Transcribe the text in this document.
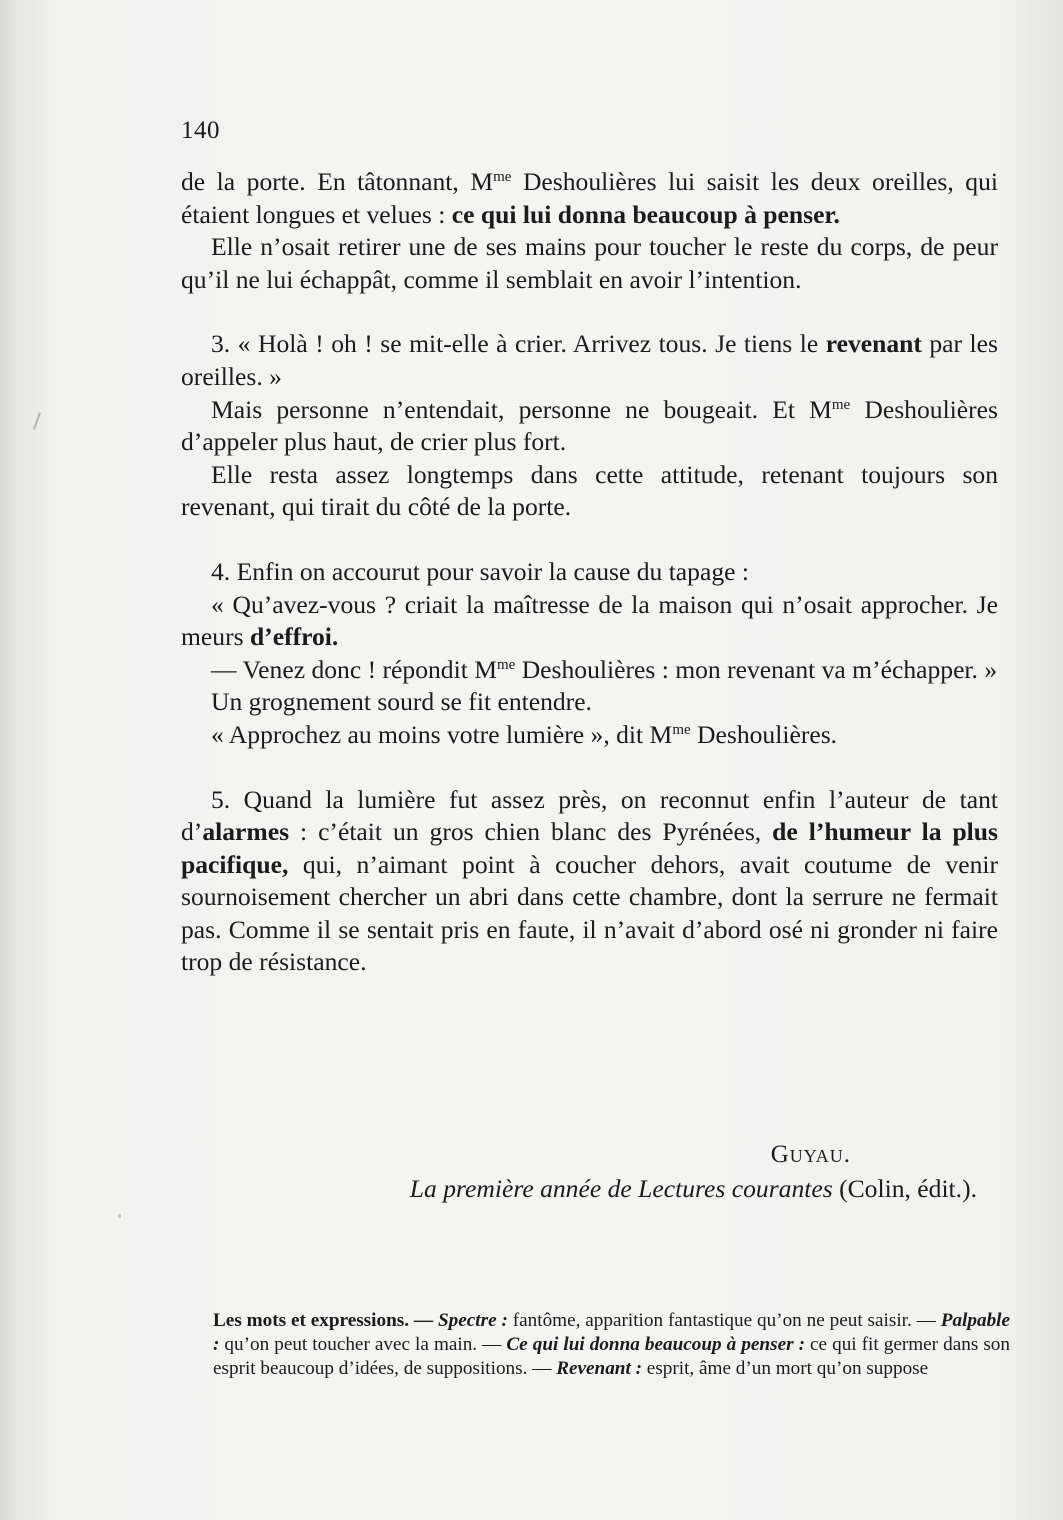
140

de la porte. En tâtonnant, $M^{me}$ Deshoulières lui saisit les deux oreilles, qui étaient longues et velues : ce qui lui donna beaucoup à penser.

Elle n’osait retirer une de ses mains pour toucher le reste du corps, de peur qu’il ne lui échappât, comme il semblait en avoir l’intention.

3. « Holà ! oh ! se mit-elle à crier. Arrivez tous. Je tiens le revenant par les oreilles. »

Mais personne n’entendait, personne ne bougeait. Et $M^{me}$ Deshoulières d’appeler plus haut, de crier plus fort.

Elle resta assez longtemps dans cette attitude, retenant toujours son revenant, qui tirait du côté de la porte.

4. Enfin on accourut pour savoir la cause du tapage :

« Qu’avez-vous ? criait la maîtresse de la maison qui n’osait approcher. Je meurs d’effroi.

— Venez donc ! répondit $M^{me}$ Deshoulières : mon revenant va m’échapper. »

Un grognement sourd se fit entendre.

« Approchez au moins votre lumière », dit $M^{me}$ Deshoulières.

5. Quand la lumière fut assez près, on reconnut enfin l’auteur de tant d’alarmes : c’était un gros chien blanc des Pyrénées, de l’humeur la plus pacifique, qui, n’aimant point à coucher dehors, avait coutume de venir sournoisement chercher un abri dans cette chambre, dont la serrure ne fermait pas. Comme il se sentait pris en faute, il n’avait d’abord osé ni gronder ni faire trop de résistance.

Guyau.
La première année de Lectures courantes (Colin, édit.).

Les mots et expressions. — Spectre : fantôme, apparition fantastique qu’on ne peut saisir. — Palpable : qu’on peut toucher avec la main. — Ce qui lui donna beaucoup à penser : ce qui fit germer dans son esprit beaucoup d’idées, de suppositions. — Revenant : esprit, âme d’un mort qu’on suppose
